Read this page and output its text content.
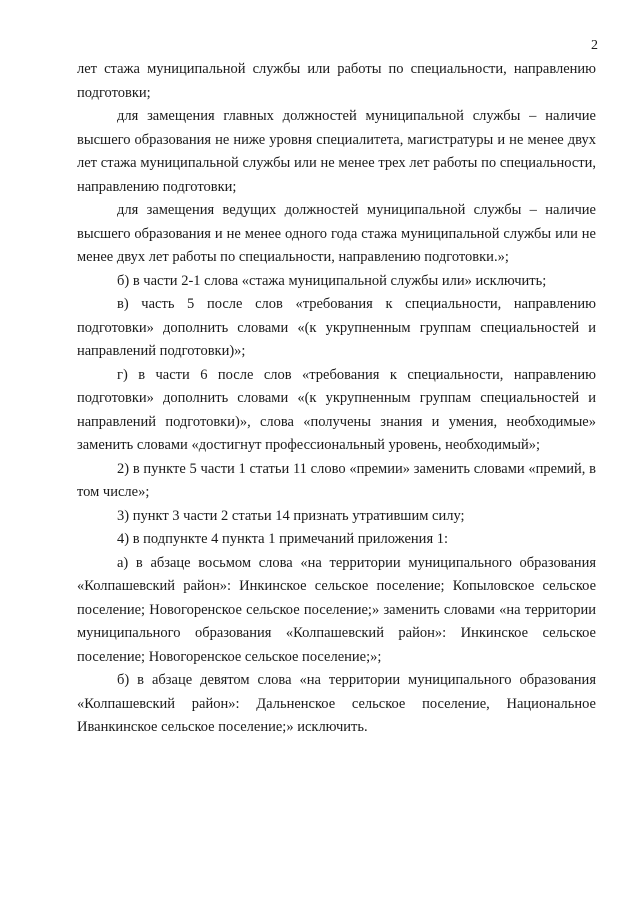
2

лет стажа муниципальной службы или работы по специальности, направлению подготовки;

для замещения главных должностей муниципальной службы – наличие высшего образования не ниже уровня специалитета, магистратуры и не менее двух лет стажа муниципальной службы или не менее трех лет работы по специальности, направлению подготовки;

для замещения ведущих должностей муниципальной службы – наличие высшего образования и не менее одного года стажа муниципальной службы или не менее двух лет работы по специальности, направлению подготовки.»;

б) в части 2-1 слова «стажа муниципальной службы или» исключить;

в) часть 5 после слов «требования к специальности, направлению подготовки» дополнить словами «(к укрупненным группам специальностей и направлений подготовки)»;

г) в части 6 после слов «требования к специальности, направлению подготовки» дополнить словами «(к укрупненным группам специальностей и направлений подготовки)», слова «получены знания и умения, необходимые» заменить словами «достигнут профессиональный уровень, необходимый»;

2) в пункте 5 части 1 статьи 11 слово «премии» заменить словами «премий, в том числе»;

3) пункт 3 части 2 статьи 14 признать утратившим силу;

4) в подпункте 4 пункта 1 примечаний приложения 1:

а) в абзаце восьмом слова «на территории муниципального образования «Колпашевский район»: Инкинское сельское поселение; Копыловское сельское поселение; Новогоренское сельское поселение;» заменить словами «на территории муниципального образования «Колпашевский район»: Инкинское сельское поселение; Новогоренское сельское поселение;»;

б) в абзаце девятом слова «на территории муниципального образования «Колпашевский район»: Дальненское сельское поселение, Национальное Иванкинское сельское поселение;» исключить.
